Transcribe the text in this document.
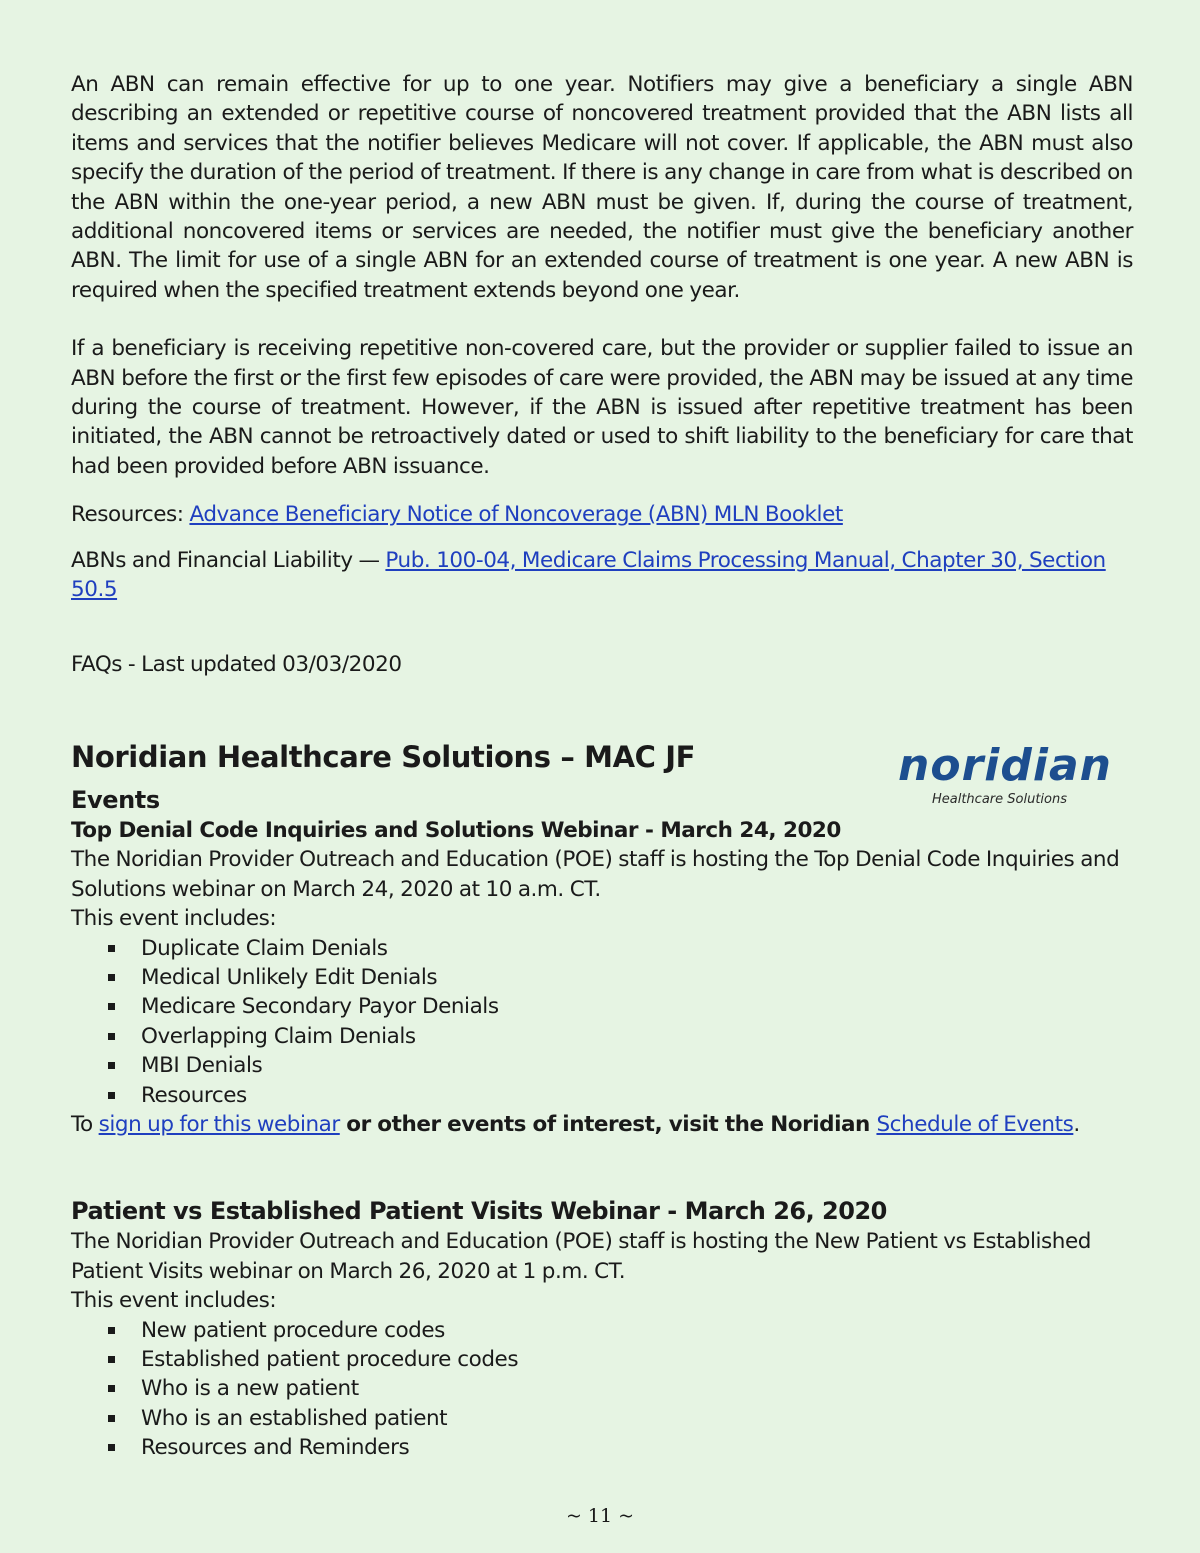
An ABN can remain effective for up to one year. Notifiers may give a beneficiary a single ABN describing an extended or repetitive course of noncovered treatment provided that the ABN lists all items and services that the notifier believes Medicare will not cover. If applicable, the ABN must also specify the duration of the period of treatment. If there is any change in care from what is described on the ABN within the one-year period, a new ABN must be given. If, during the course of treatment, additional noncovered items or services are needed, the notifier must give the beneficiary another ABN. The limit for use of a single ABN for an extended course of treatment is one year. A new ABN is required when the specified treatment extends beyond one year.

If a beneficiary is receiving repetitive non-covered care, but the provider or supplier failed to issue an ABN before the first or the first few episodes of care were provided, the ABN may be issued at any time during the course of treatment. However, if the ABN is issued after repetitive treatment has been initiated, the ABN cannot be retroactively dated or used to shift liability to the beneficiary for care that had been provided before ABN issuance.

Resources: Advance Beneficiary Notice of Noncoverage (ABN) MLN Booklet

ABNs and Financial Liability — Pub. 100-04, Medicare Claims Processing Manual, Chapter 30, Section 50.5

FAQs - Last updated 03/03/2020

Noridian Healthcare Solutions – MAC JF
Events

Top Denial Code Inquiries and Solutions Webinar - March 24, 2020

The Noridian Provider Outreach and Education (POE) staff is hosting the Top Denial Code Inquiries and Solutions webinar on March 24, 2020 at 10 a.m. CT.

This event includes:

Duplicate Claim Denials
Medical Unlikely Edit Denials
Medicare Secondary Payor Denials
Overlapping Claim Denials
MBI Denials
Resources

To sign up for this webinar or other events of interest, visit the Noridian Schedule of Events.

Patient vs Established Patient Visits Webinar - March 26, 2020

The Noridian Provider Outreach and Education (POE) staff is hosting the New Patient vs Established Patient Visits webinar on March 26, 2020 at 1 p.m. CT.

This event includes:

New patient procedure codes
Established patient procedure codes
Who is a new patient
Who is an established patient
Resources and Reminders
noridian
Healthcare Solutions
~ 11 ~
